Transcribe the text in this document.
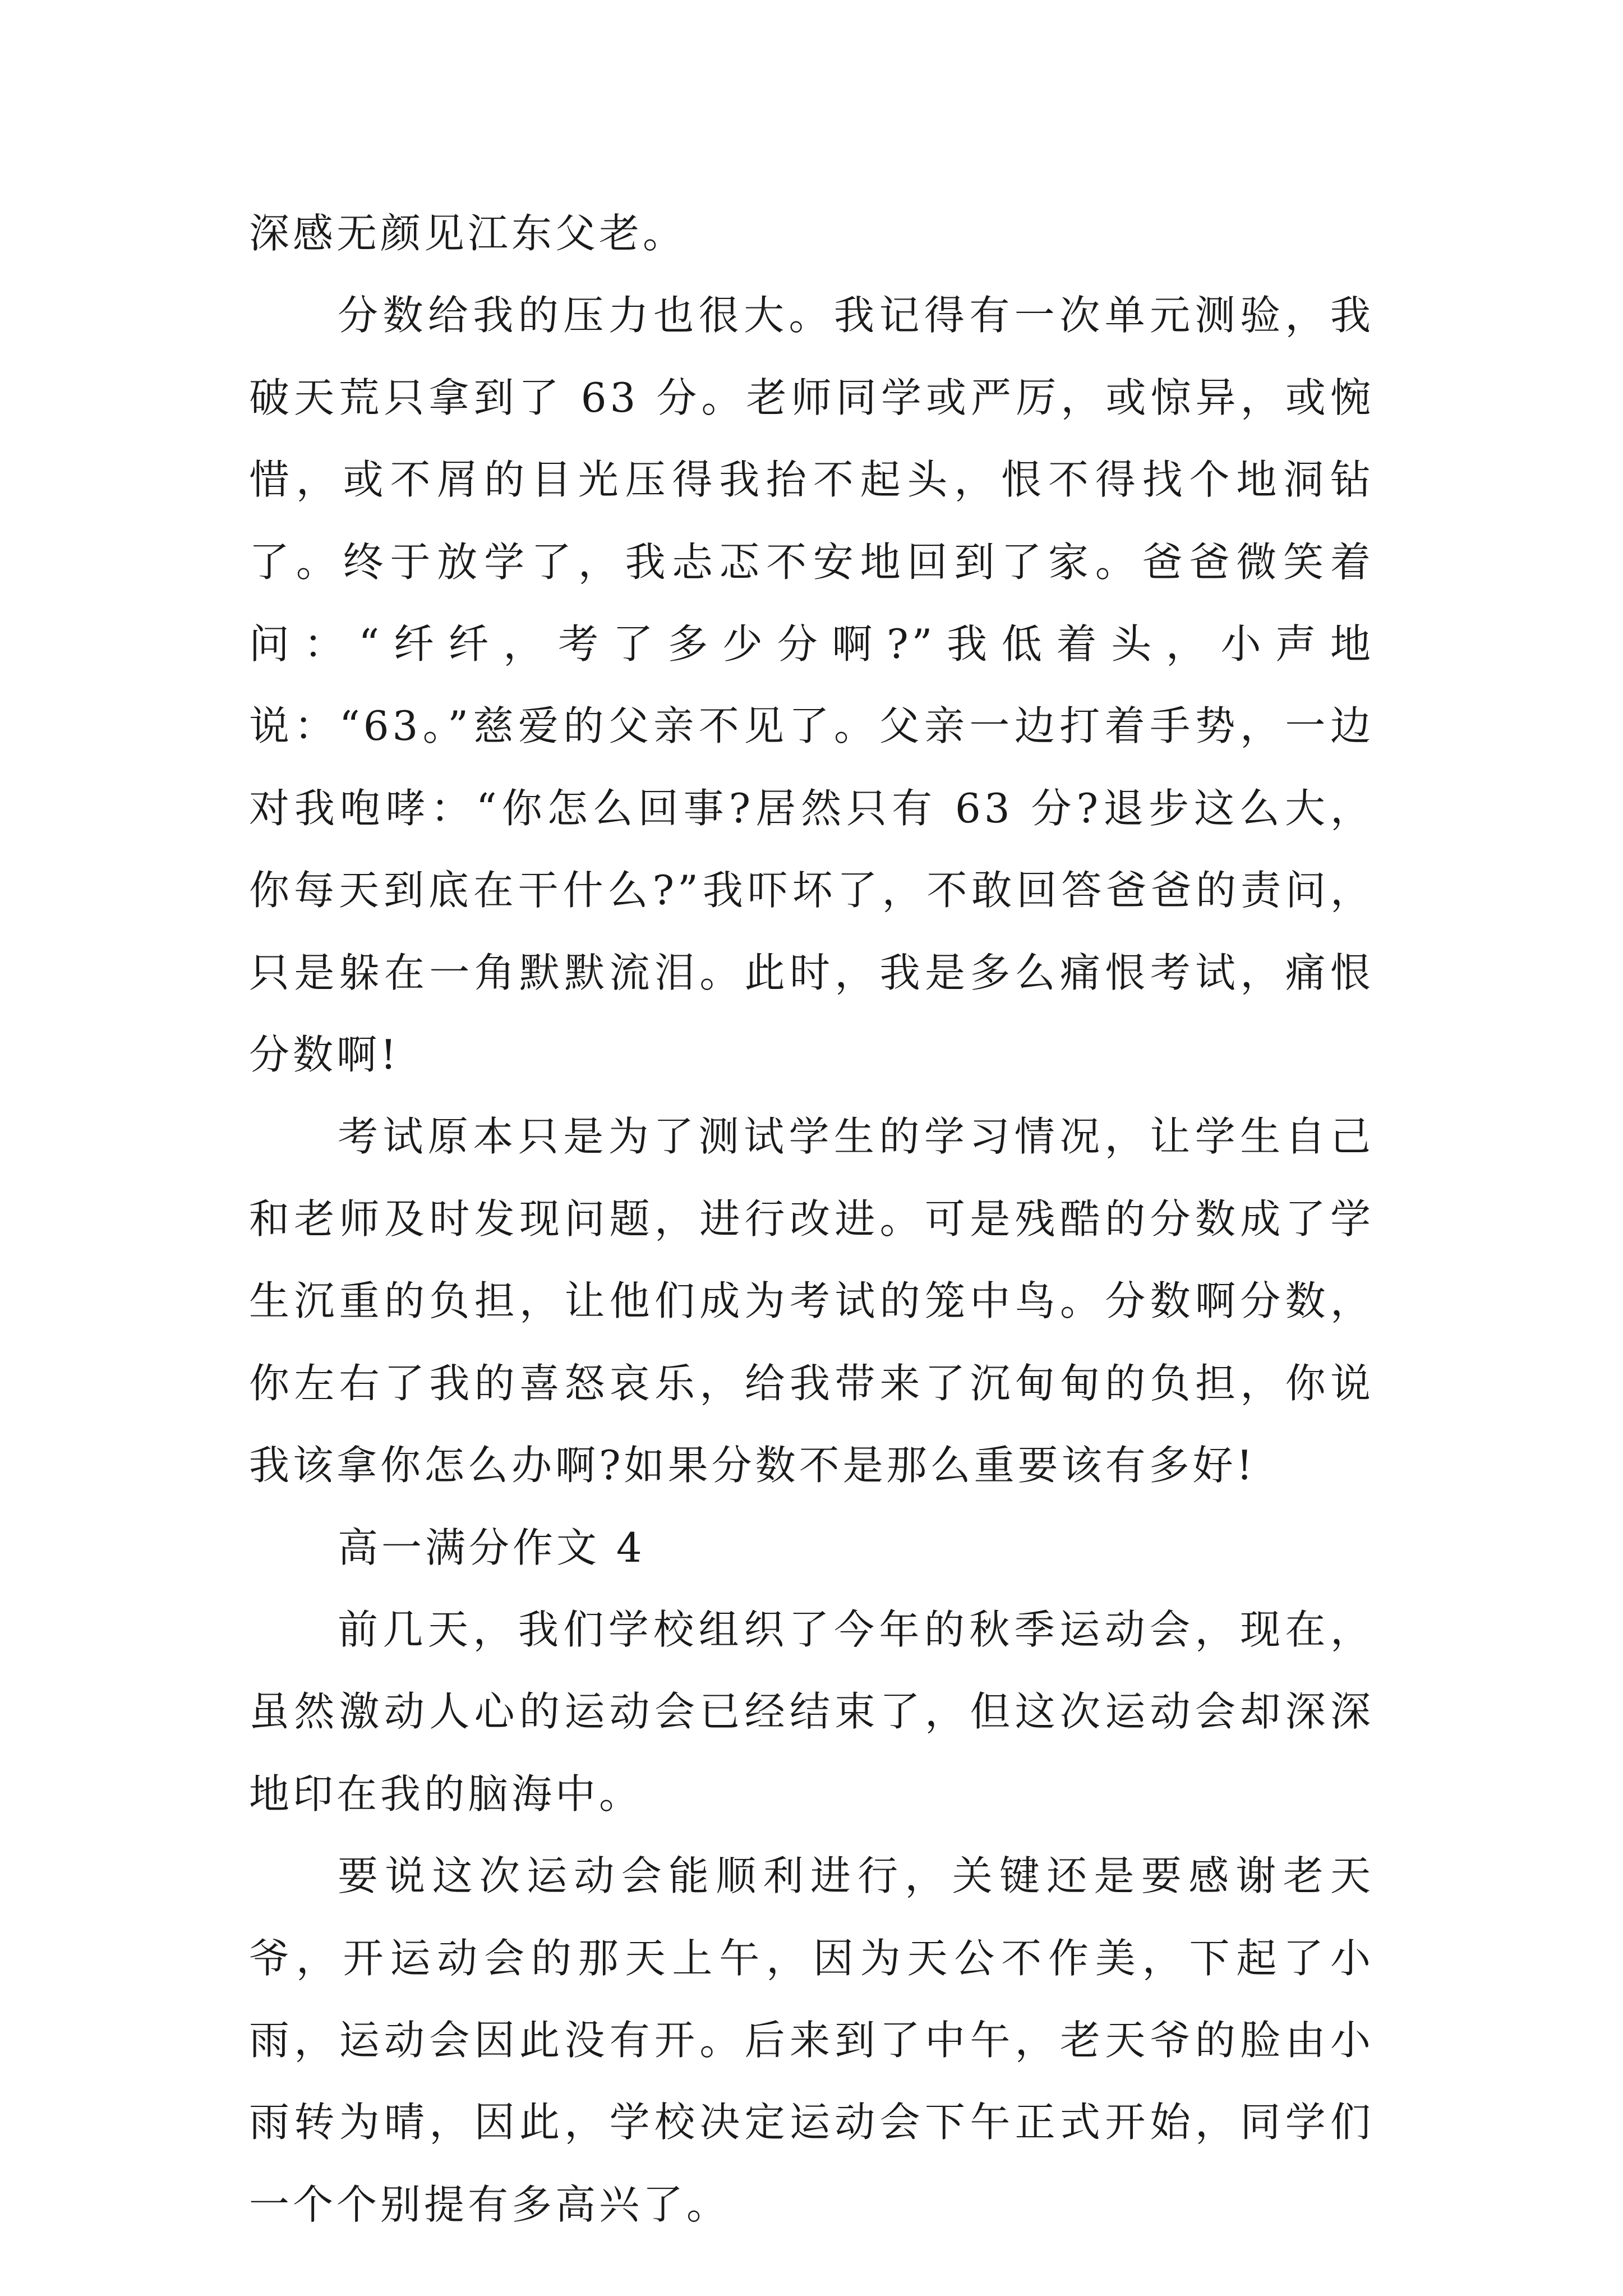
深感无颜见江东父老。

分数给我的压力也很大。我记得有一次单元测验，我破天荒只拿到了 63 分。老师同学或严厉，或惊异，或惋惜，或不屑的目光压得我抬不起头，恨不得找个地洞钻了。终于放学了，我忐忑不安地回到了家。爸爸微笑着问：“纤纤，考了多少分啊?”我低着头，小声地说：“63。”慈爱的父亲不见了。父亲一边打着手势，一边对我咆哮：“你怎么回事?居然只有 63 分?退步这么大，你每天到底在干什么?”我吓坏了，不敢回答爸爸的责问，只是躲在一角默默流泪。此时，我是多么痛恨考试，痛恨分数啊!

考试原本只是为了测试学生的学习情况，让学生自己和老师及时发现问题，进行改进。可是残酷的分数成了学生沉重的负担，让他们成为考试的笼中鸟。分数啊分数，你左右了我的喜怒哀乐，给我带来了沉甸甸的负担，你说我该拿你怎么办啊?如果分数不是那么重要该有多好!

高一满分作文 4

前几天，我们学校组织了今年的秋季运动会，现在，虽然激动人心的运动会已经结束了，但这次运动会却深深地印在我的脑海中。

要说这次运动会能顺利进行，关键还是要感谢老天爷，开运动会的那天上午，因为天公不作美，下起了小雨，运动会因此没有开。后来到了中午，老天爷的脸由小雨转为晴，因此，学校决定运动会下午正式开始，同学们一个个别提有多高兴了。
